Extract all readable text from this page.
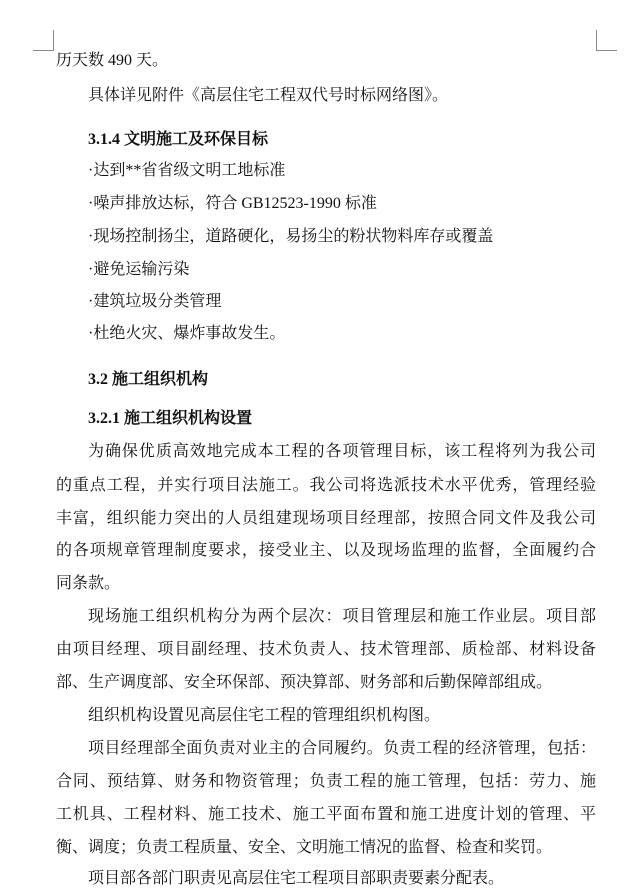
历天数 490 天。
具体详见附件《高层住宅工程双代号时标网络图》。
3.1.4 文明施工及环保目标
·达到**省省级文明工地标准
·噪声排放达标，符合 GB12523-1990 标准
·现场控制扬尘，道路硬化，易扬尘的粉状物料库存或覆盖
·避免运输污染
·建筑垃圾分类管理
·杜绝火灾、爆炸事故发生。
3.2 施工组织机构
3.2.1 施工组织机构设置
为确保优质高效地完成本工程的各项管理目标，该工程将列为我公司
的重点工程，并实行项目法施工。我公司将选派技术水平优秀，管理经验
丰富，组织能力突出的人员组建现场项目经理部，按照合同文件及我公司
的各项规章管理制度要求，接受业主、以及现场监理的监督，全面履约合
同条款。
现场施工组织机构分为两个层次：项目管理层和施工作业层。项目部
由项目经理、项目副经理、技术负责人、技术管理部、质检部、材料设备
部、生产调度部、安全环保部、预决算部、财务部和后勤保障部组成。
组织机构设置见高层住宅工程的管理组织机构图。
项目经理部全面负责对业主的合同履约。负责工程的经济管理，包括：
合同、预结算、财务和物资管理；负责工程的施工管理，包括：劳力、施
工机具、工程材料、施工技术、施工平面布置和施工进度计划的管理、平
衡、调度；负责工程质量、安全、文明施工情况的监督、检查和奖罚。
项目部各部门职责见高层住宅工程项目部职责要素分配表。
